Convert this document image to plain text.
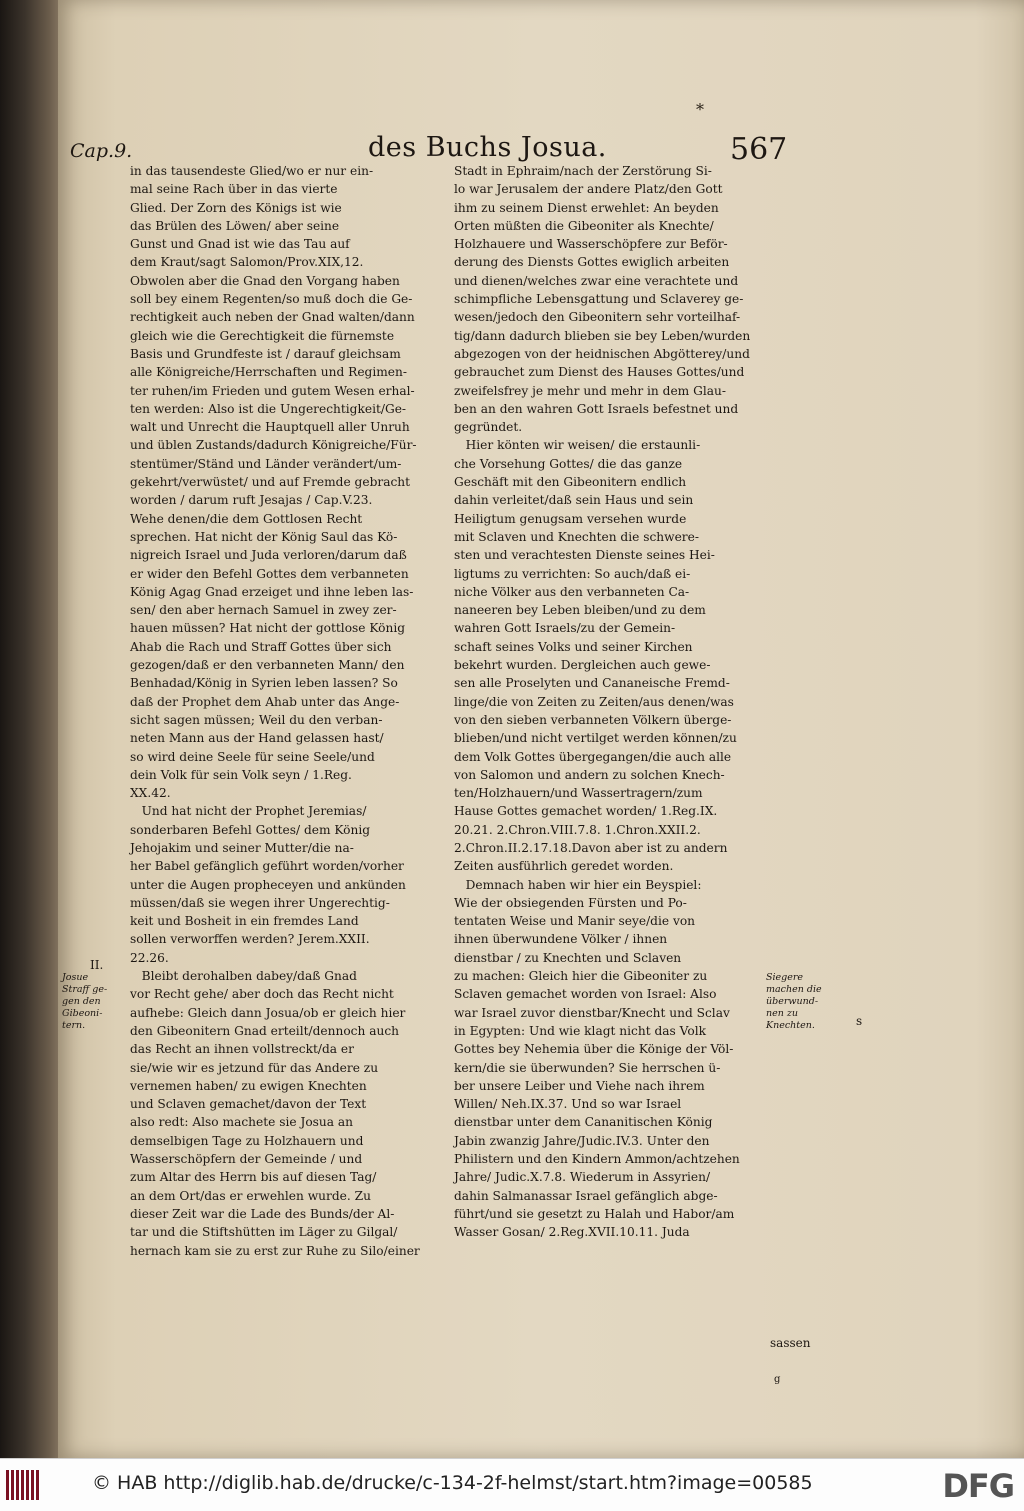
*
Cap.9.	des Buchs Josua.	567
in das tausendeste Glied/wo er nur ein-
mal seine Rach über in das vierte
Glied. Der Zorn des Königs ist wie
das Brülen des Löwen/ aber seine
Gunst und Gnad ist wie das Tau auf
dem Kraut/sagt Salomon/Prov.XIX,12.
Obwolen aber die Gnad den Vorgang haben
soll bey einem Regenten/so muß doch die Ge-
rechtigkeit auch neben der Gnad walten/dann
gleich wie die Gerechtigkeit die fürnemste
Basis und Grundfeste ist / darauf gleichsam
alle Königreiche/Herrschaften und Regimen-
ter ruhen/im Frieden und gutem Wesen erhal-
ten werden: Also ist die Ungerechtigkeit/Ge-
walt und Unrecht die Hauptquell aller Unruh
und üblen Zustands/dadurch Königreiche/Für-
stentümer/Ständ und Länder verändert/um-
gekehrt/verwüstet/ und auf Fremde gebracht
worden / darum ruft Jesajas / Cap.V.23.
Wehe denen/die dem Gottlosen Recht
sprechen. Hat nicht der König Saul das Kö-
nigreich Israel und Juda verloren/darum daß
er wider den Befehl Gottes dem verbanneten
König Agag Gnad erzeiget und ihne leben las-
sen/ den aber hernach Samuel in zwey zer-
hauen müssen? Hat nicht der gottlose König
Ahab die Rach und Straff Gottes über sich
gezogen/daß er den verbanneten Mann/ den
Benhadad/König in Syrien leben lassen? So
daß der Prophet dem Ahab unter das Ange-
sicht sagen müssen; Weil du den verban-
neten Mann aus der Hand gelassen hast/
so wird deine Seele für seine Seele/und
dein Volk für sein Volk seyn / 1.Reg.
XX.42.
Und hat nicht der Prophet Jeremias/
sonderbaren Befehl Gottes/ dem König
Jehojakim und seiner Mutter/die na-
her Babel gefänglich geführt worden/vorher
unter die Augen propheceyen und ankünden
müssen/daß sie wegen ihrer Ungerechtig-
keit und Bosheit in ein fremdes Land
sollen verworffen werden? Jerem.XXII.
22.26.
Bleibt derohalben dabey/daß Gnad
vor Recht gehe/ aber doch das Recht nicht
aufhebe: Gleich dann Josua/ob er gleich hier
den Gibeonitern Gnad erteilt/dennoch auch
das Recht an ihnen vollstreckt/da er
sie/wie wir es jetzund für das Andere zu
vernemen haben/ zu ewigen Knechten
und Sclaven gemachet/davon der Text
also redt: Also machete sie Josua an
demselbigen Tage zu Holzhauern und
Wasserschöpfern der Gemeinde / und
zum Altar des Herrn bis auf diesen Tag/
an dem Ort/das er erwehlen wurde. Zu
dieser Zeit war die Lade des Bunds/der Al-
tar und die Stiftshütten im Läger zu Gilgal/
hernach kam sie zu erst zur Ruhe zu Silo/einer
Stadt in Ephraim/nach der Zerstörung Si-
lo war Jerusalem der andere Platz/den Gott
ihm zu seinem Dienst erwehlet: An beyden
Orten müßten die Gibeoniter als Knechte/
Holzhauere und Wasserschöpfere zur Beför-
derung des Diensts Gottes ewiglich arbeiten
und dienen/welches zwar eine verachtete und
schimpfliche Lebensgattung und Sclaverey ge-
wesen/jedoch den Gibeonitern sehr vorteilhaf-
tig/dann dadurch blieben sie bey Leben/wurden
abgezogen von der heidnischen Abgötterey/und
gebrauchet zum Dienst des Hauses Gottes/und
zweifelsfrey je mehr und mehr in dem Glau-
ben an den wahren Gott Israels befestnet und
gegründet.
Hier könten wir weisen/ die erstaunli-
che Vorsehung Gottes/ die das ganze
Geschäft mit den Gibeonitern endlich
dahin verleitet/daß sein Haus und sein
Heiligtum genugsam versehen wurde
mit Sclaven und Knechten die schwere-
sten und verachtesten Dienste seines Hei-
ligtums zu verrichten: So auch/daß ei-
niche Völker aus den verbanneten Ca-
naneeren bey Leben bleiben/und zu dem
wahren Gott Israels/zu der Gemein-
schaft seines Volks und seiner Kirchen
bekehrt wurden. Dergleichen auch gewe-
sen alle Proselyten und Cananeische Fremd-
linge/die von Zeiten zu Zeiten/aus denen/was
von den sieben verbanneten Völkern überge-
blieben/und nicht vertilget werden können/zu
dem Volk Gottes übergegangen/die auch alle
von Salomon und andern zu solchen Knech-
ten/Holzhauern/und Wassertragern/zum
Hause Gottes gemachet worden/ 1.Reg.IX.
20.21. 2.Chron.VIII.7.8. 1.Chron.XXII.2.
2.Chron.II.2.17.18.Davon aber ist zu andern
Zeiten ausführlich geredet worden.
Demnach haben wir hier ein Beyspiel:
Wie der obsiegenden Fürsten und Po-
tentaten Weise und Manir seye/die von
ihnen überwundene Völker / ihnen
dienstbar / zu Knechten und Sclaven
zu machen: Gleich hier die Gibeoniter zu
Sclaven gemachet worden von Israel: Also
war Israel zuvor dienstbar/Knecht und Sclav
in Egypten: Und wie klagt nicht das Volk
Gottes bey Nehemia über die Könige der Völ-
kern/die sie überwunden? Sie herrschen ü-
ber unsere Leiber und Viehe nach ihrem
Willen/ Neh.IX.37. Und so war Israel
dienstbar unter dem Cananitischen König
Jabin zwanzig Jahre/Judic.IV.3. Unter den
Philistern und den Kindern Ammon/achtzehen
Jahre/ Judic.X.7.8. Wiederum in Assyrien/
dahin Salmanassar Israel gefänglich abge-
führt/und sie gesetzt zu Halah und Habor/am
Wasser Gosan/ 2.Reg.XVII.10.11. Juda
II.
Josue
Straff ge-
gen den
Gibeoni-
tern.
Siegere
machen die
überwund-
nen zu
Knechten.	s
sassen
g
© HAB http://diglib.hab.de/drucke/c-134-2f-helmst/start.htm?image=00585	DFG
